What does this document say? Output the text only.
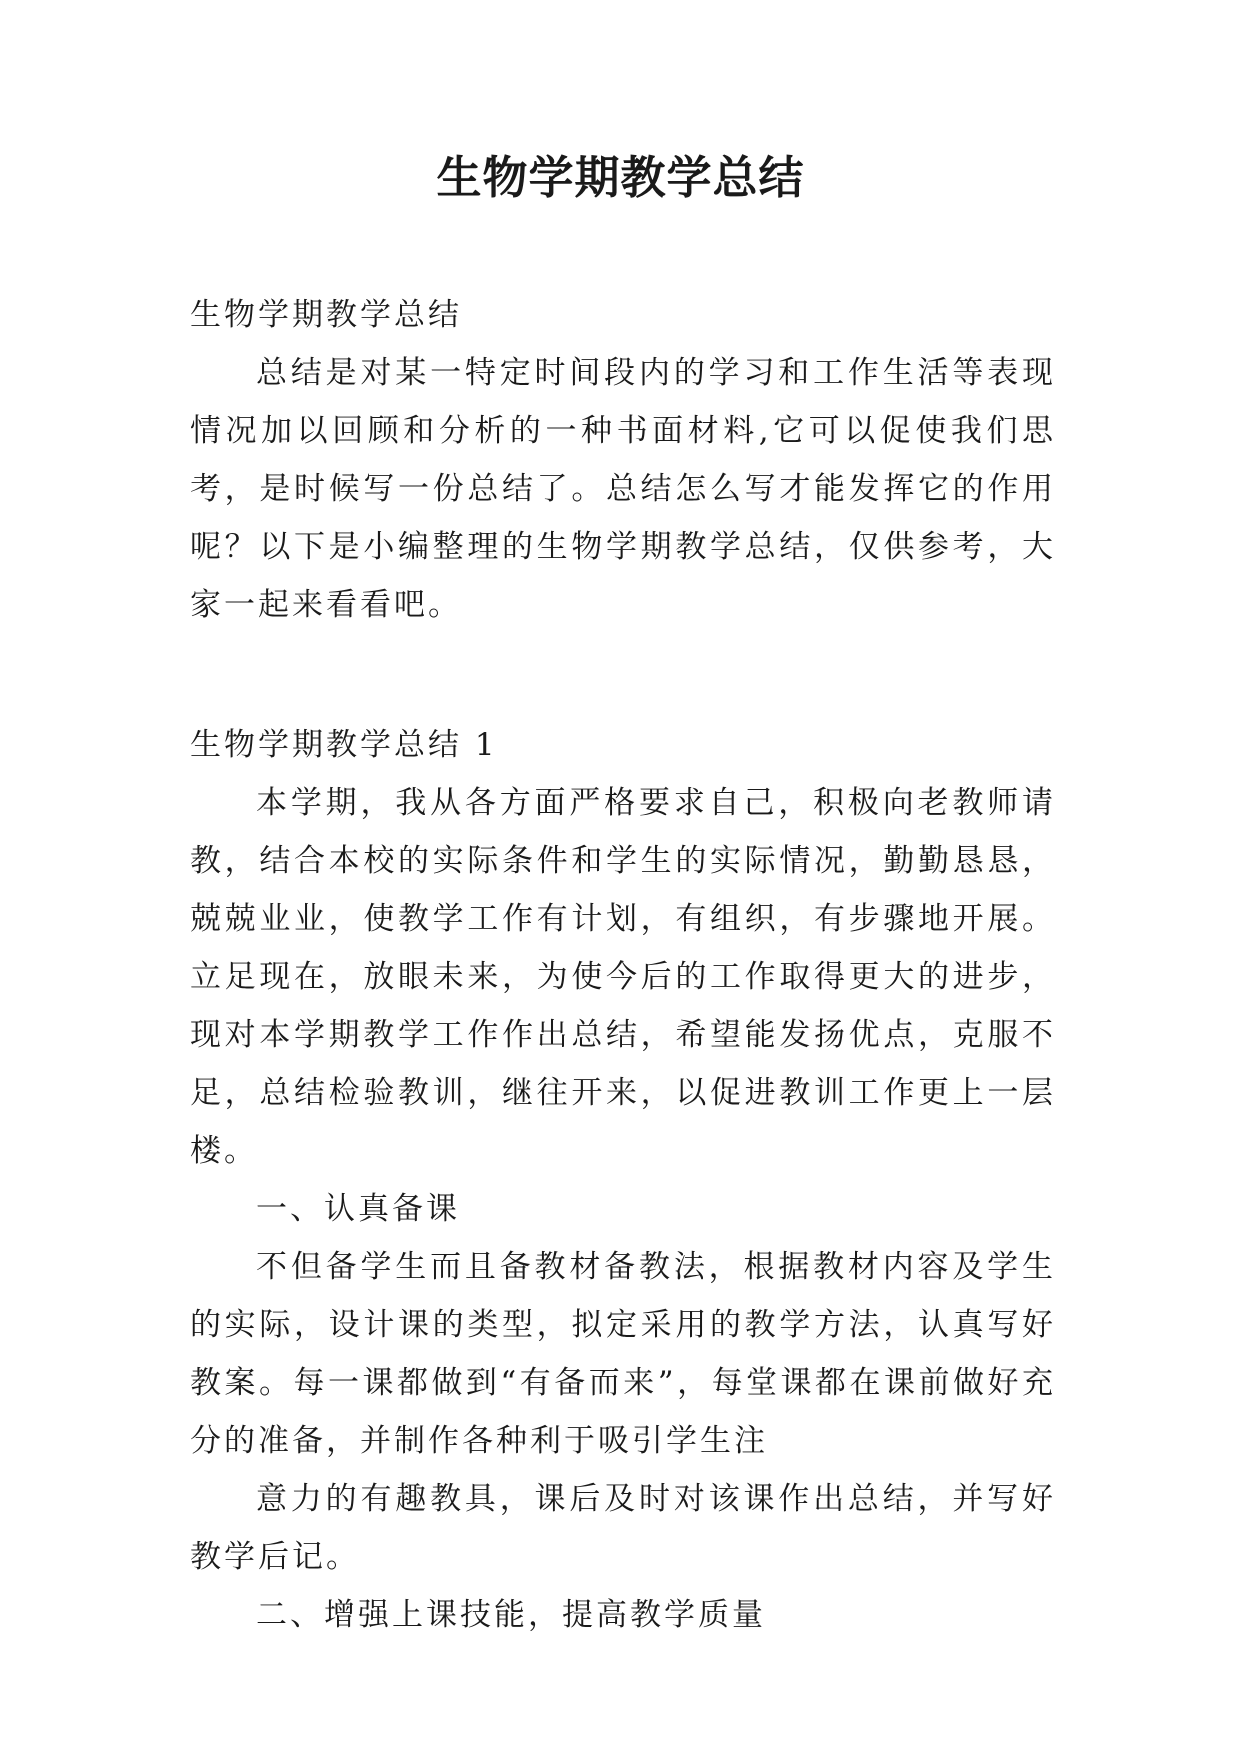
生物学期教学总结

生物学期教学总结

总结是对某一特定时间段内的学习和工作生活等表现情况加以回顾和分析的一种书面材料,它可以促使我们思考，是时候写一份总结了。总结怎么写才能发挥它的作用呢？以下是小编整理的生物学期教学总结，仅供参考，大家一起来看看吧。

生物学期教学总结 1

本学期，我从各方面严格要求自己，积极向老教师请教，结合本校的实际条件和学生的实际情况，勤勤恳恳，兢兢业业，使教学工作有计划，有组织，有步骤地开展。立足现在，放眼未来，为使今后的工作取得更大的进步，现对本学期教学工作作出总结，希望能发扬优点，克服不足，总结检验教训，继往开来，以促进教训工作更上一层楼。

一、认真备课

不但备学生而且备教材备教法，根据教材内容及学生的实际，设计课的类型，拟定采用的教学方法，认真写好教案。每一课都做到“有备而来”，每堂课都在课前做好充分的准备，并制作各种利于吸引学生注

意力的有趣教具，课后及时对该课作出总结，并写好教学后记。

二、增强上课技能，提高教学质量
